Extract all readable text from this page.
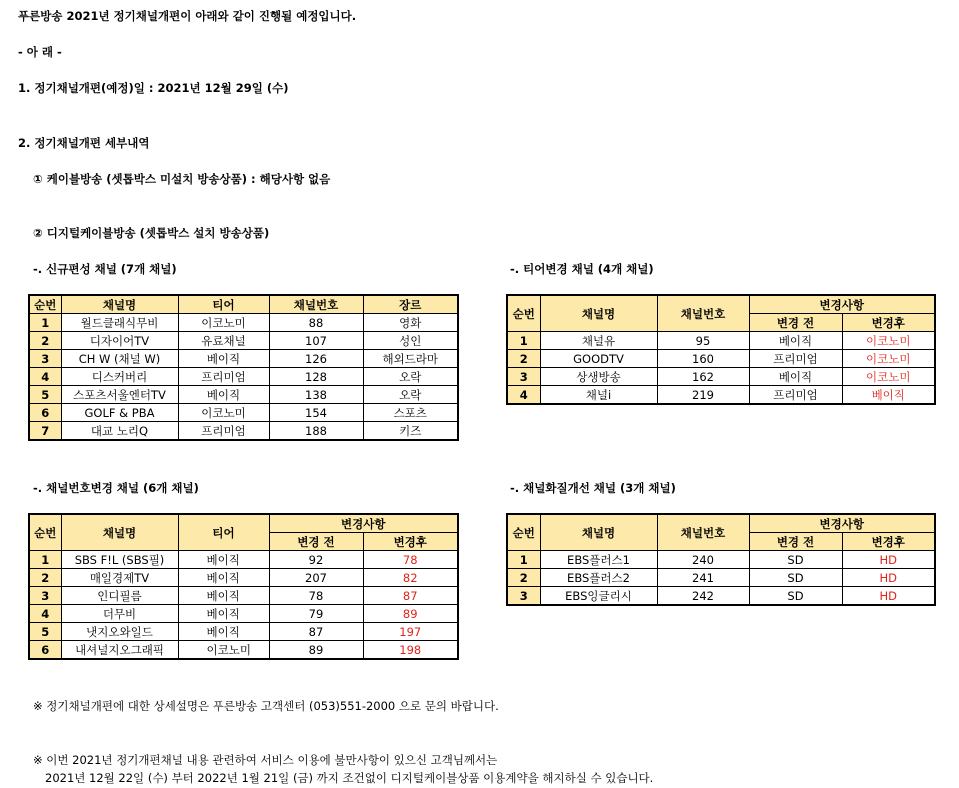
푸른방송 2021년 정기채널개편이 아래와 같이 진행될 예정입니다.
- 아 래 -
1. 정기채널개편(예정)일 : 2021년 12월 29일 (수)
2. 정기채널개편 세부내역
① 케이블방송 (셋톱박스 미설치 방송상품) : 해당사항 없음
② 디지털케이블방송 (셋톱박스 설치 방송상품)
-. 신규편성 채널 (7개 채널)
순번	채널명	티어	채널번호	장르
1	월드클래식무비	이코노미	88	영화
2	디자이어TV	유료채널	107	성인
3	CH W (채널 W)	베이직	126	해외드라마
4	디스커버리	프리미엄	128	오락
5	스포츠서울엔터TV	베이직	138	오락
6	GOLF & PBA	이코노미	154	스포츠
7	대교 노리Q	프리미엄	188	키즈
-. 티어변경 채널 (4개 채널)
순번	채널명	채널번호	변경사항	
			변경 전	변경후
1	채널유	95	베이직	이코노미
2	GOODTV	160	프리미엄	이코노미
3	상생방송	162	베이직	이코노미
4	채널i	219	프리미엄	베이직
-. 채널번호변경 채널 (6개 채널)
순번	채널명	티어	변경사항	
			변경 전	변경후
1	SBS F!L (SBS필)	베이직	92	78
2	매일경제TV	베이직	207	82
3	인디필름	베이직	78	87
4	더무비	베이직	79	89
5	냇지오와일드	베이직	87	197
6	내셔널지오그래픽	이코노미	89	198
-. 채널화질개선 채널 (3개 채널)
순번	채널명	채널번호	변경사항	
			변경 전	변경후
1	EBS플러스1	240	SD	HD
2	EBS플러스2	241	SD	HD
3	EBS잉글리시	242	SD	HD
※ 정기채널개편에 대한 상세설명은 푸른방송 고객센터 (053)551-2000 으로 문의 바랍니다.
※ 이번 2021년 정기개편채널 내용 관련하여 서비스 이용에 불만사항이 있으신 고객님께서는
2021년 12월 22일 (수) 부터 2022년 1월 21일 (금) 까지 조건없이 디지털케이블상품 이용계약을 해지하실 수 있습니다.
